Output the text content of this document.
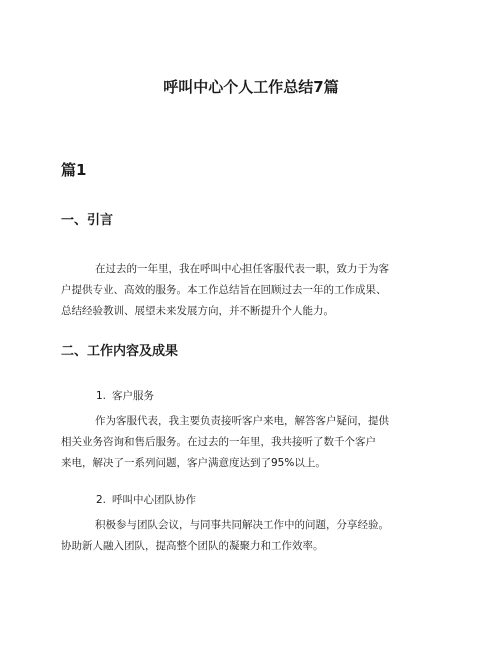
呼叫中心个人工作总结7篇
篇1
一、引言

在过去的一年里，我在呼叫中心担任客服代表一职，致力于为客
户提供专业、高效的服务。本工作总结旨在回顾过去一年的工作成果、
总结经验教训、展望未来发展方向，并不断提升个人能力。

二、工作内容及成果
1. 客户服务

作为客服代表，我主要负责接听客户来电，解答客户疑问，提供
相关业务咨询和售后服务。在过去的一年里，我共接听了数千个客户
来电，解决了一系列问题，客户满意度达到了95%以上。

2. 呼叫中心团队协作

积极参与团队会议，与同事共同解决工作中的问题，分享经验。
协助新人融入团队，提高整个团队的凝聚力和工作效率。
